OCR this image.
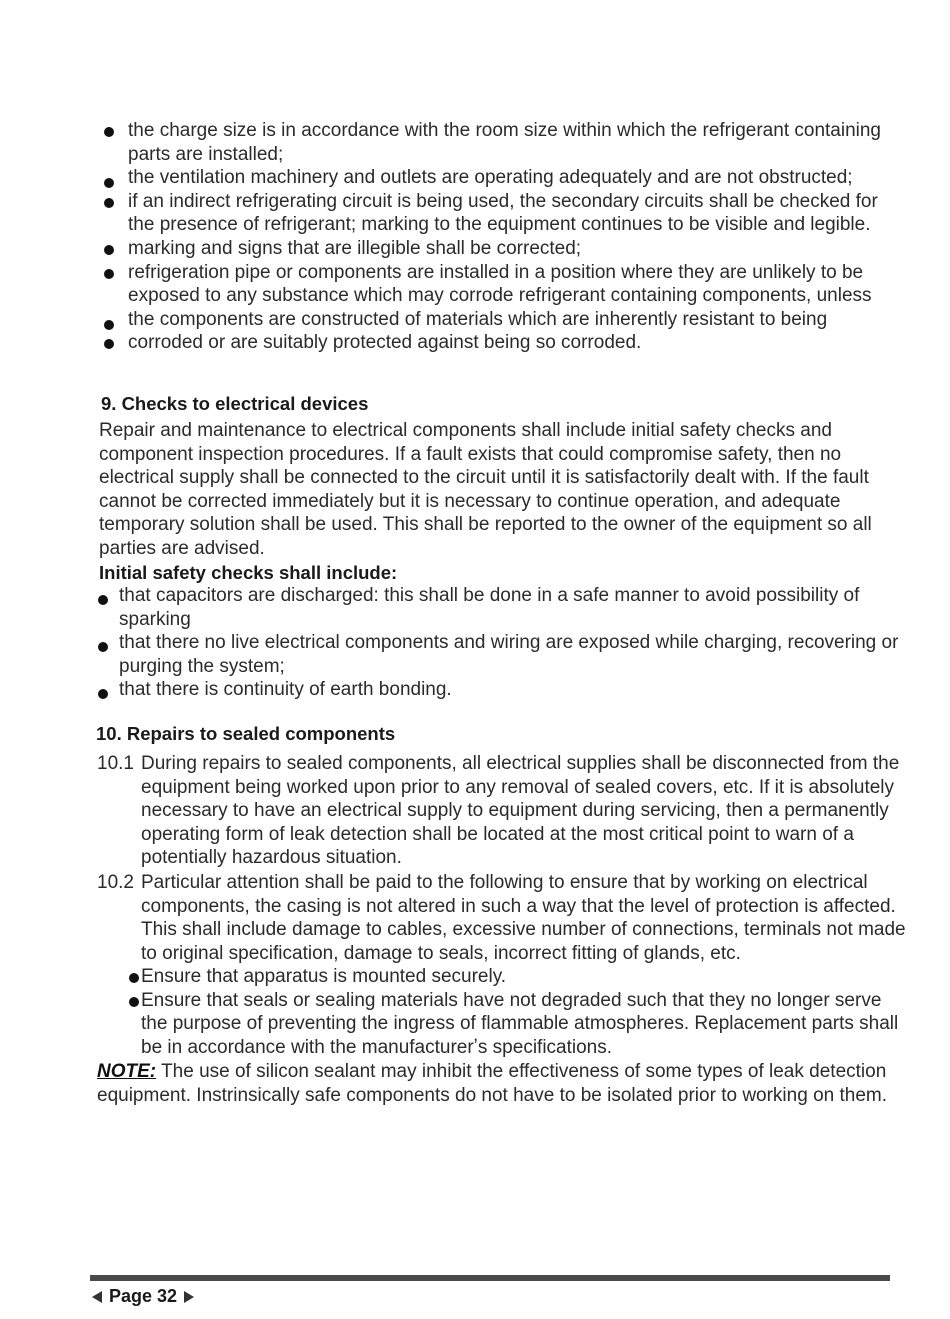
the charge size is in accordance with the room size within which the refrigerant containing parts are installed;
the ventilation machinery and outlets are operating adequately and are not obstructed;
if an indirect refrigerating circuit is being used, the secondary circuits shall be checked for the presence of refrigerant; marking to the equipment continues to be visible and legible.
marking and signs that are illegible shall be corrected;
refrigeration pipe or components are installed in a position where they are unlikely to be exposed to any substance which may corrode refrigerant containing components, unless
the components are constructed of materials which are inherently resistant to being
corroded or are suitably protected against being so corroded.
9. Checks to electrical devices

Repair and maintenance to electrical components shall include initial safety checks and component inspection procedures. If a fault exists that could compromise safety, then no electrical supply shall be connected to the circuit until it is satisfactorily dealt with. If the fault cannot be corrected immediately but it is necessary to continue operation, and adequate temporary solution shall be used. This shall be reported to the owner of the equipment so all parties are advised.

Initial safety checks shall include:
that capacitors are discharged: this shall be done in a safe manner to avoid possibility of sparking
that there no live electrical components and wiring are exposed while charging, recovering or purging the system;
that there is continuity of earth bonding.
10. Repairs to sealed components
10.1 During repairs to sealed components, all electrical supplies shall be disconnected from the equipment being worked upon prior to any removal of sealed covers, etc. If it is absolutely necessary to have an electrical supply to equipment during servicing, then a permanently operating form of leak detection shall be located at the most critical point to warn of a potentially hazardous situation.
10.2 Particular attention shall be paid to the following to ensure that by working on electrical components, the casing is not altered in such a way that the level of protection is affected. This shall include damage to cables, excessive number of connections, terminals not made to original specification, damage to seals, incorrect fitting of glands, etc.
Ensure that apparatus is mounted securely.
Ensure that seals or sealing materials have not degraded such that they no longer serve the purpose of preventing the ingress of flammable atmospheres. Replacement parts shall be in accordance with the manufacturerʼs specifications.

NOTE: The use of silicon sealant may inhibit the effectiveness of some types of leak detection equipment. Instrinsically safe components do not have to be isolated prior to working on them.

Page 32
